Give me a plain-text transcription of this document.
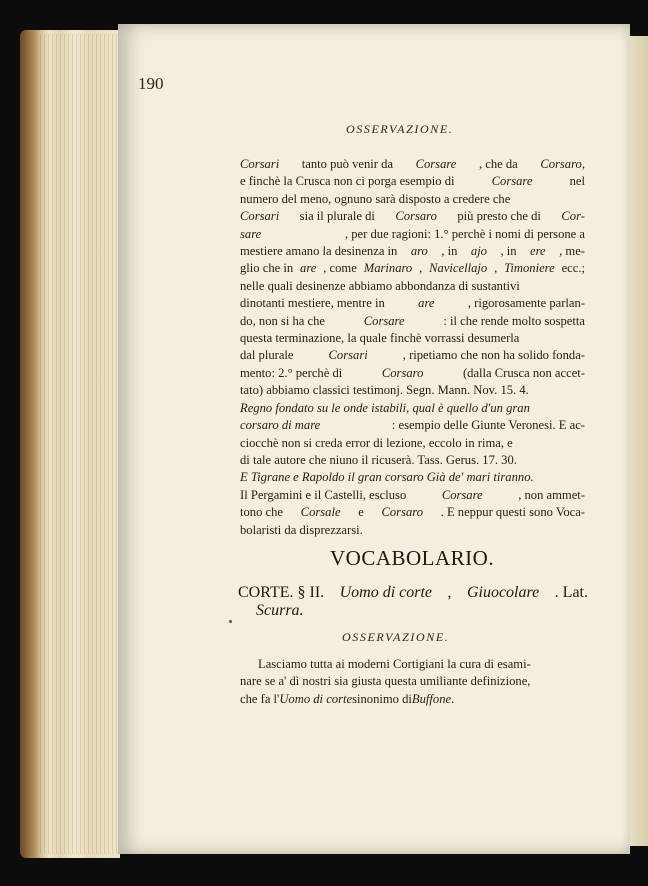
190
OSSERVAZIONE.
Corsari tanto può venir da Corsare , che da Corsaro,
e finchè la Crusca non ci porga esempio di	Corsare	nel
numero del meno, ognuno sarà disposto a credere che
Corsari sia il plurale di Corsaro più presto che di Cor-
sare	, per due ragioni: 1.° perchè i nomi di persone a
mestiere amano la desinenza in aro , in ajo , in ere , me-
glio che in are , come Marinaro , Navicellajo , Timoniere ecc.;
nelle quali desinenze abbiamo abbondanza di sustantivi
dinotanti mestiere, mentre in	are	, rigorosamente parlan-
do, non si ha che	Corsare	: il che rende molto sospetta
questa terminazione, la quale finchè vorrassi desumerla
dal plurale	Corsari	, ripetiamo che non ha solido fonda-
mento: 2.° perchè di	Corsaro	(dalla Crusca non accet-
tato) abbiamo classici testimonj. Segn. Mann. Nov. 15. 4.
Regno fondato su le onde istabili, qual è quello d'un gran
corsaro di mare	: esempio delle Giunte Veronesi. E ac-
ciocchè non si creda error di lezione, eccolo in rima, e
di tale autore che niuno il ricuserà. Tass. Gerus. 17. 30.
E Tigrane e Rapoldo il gran corsaro Già de' mari tiranno.
Il Pergamini e il Castelli, escluso	Corsare	, non ammet-
tono che Corsale e Corsaro . E neppur questi sono Voca-
bolaristi da disprezzarsi.
VOCABOLARIO.
CORTE. § II. Uomo di corte , Giuocolare . Lat.
Scurra.
OSSERVAZIONE.
Lasciamo tutta ai moderni Cortigiani la cura di esami-
nare se a' dì nostri sia giusta questa umiliante definizione,
che fa l' Uomo di corte sinonimo di Buffone .
